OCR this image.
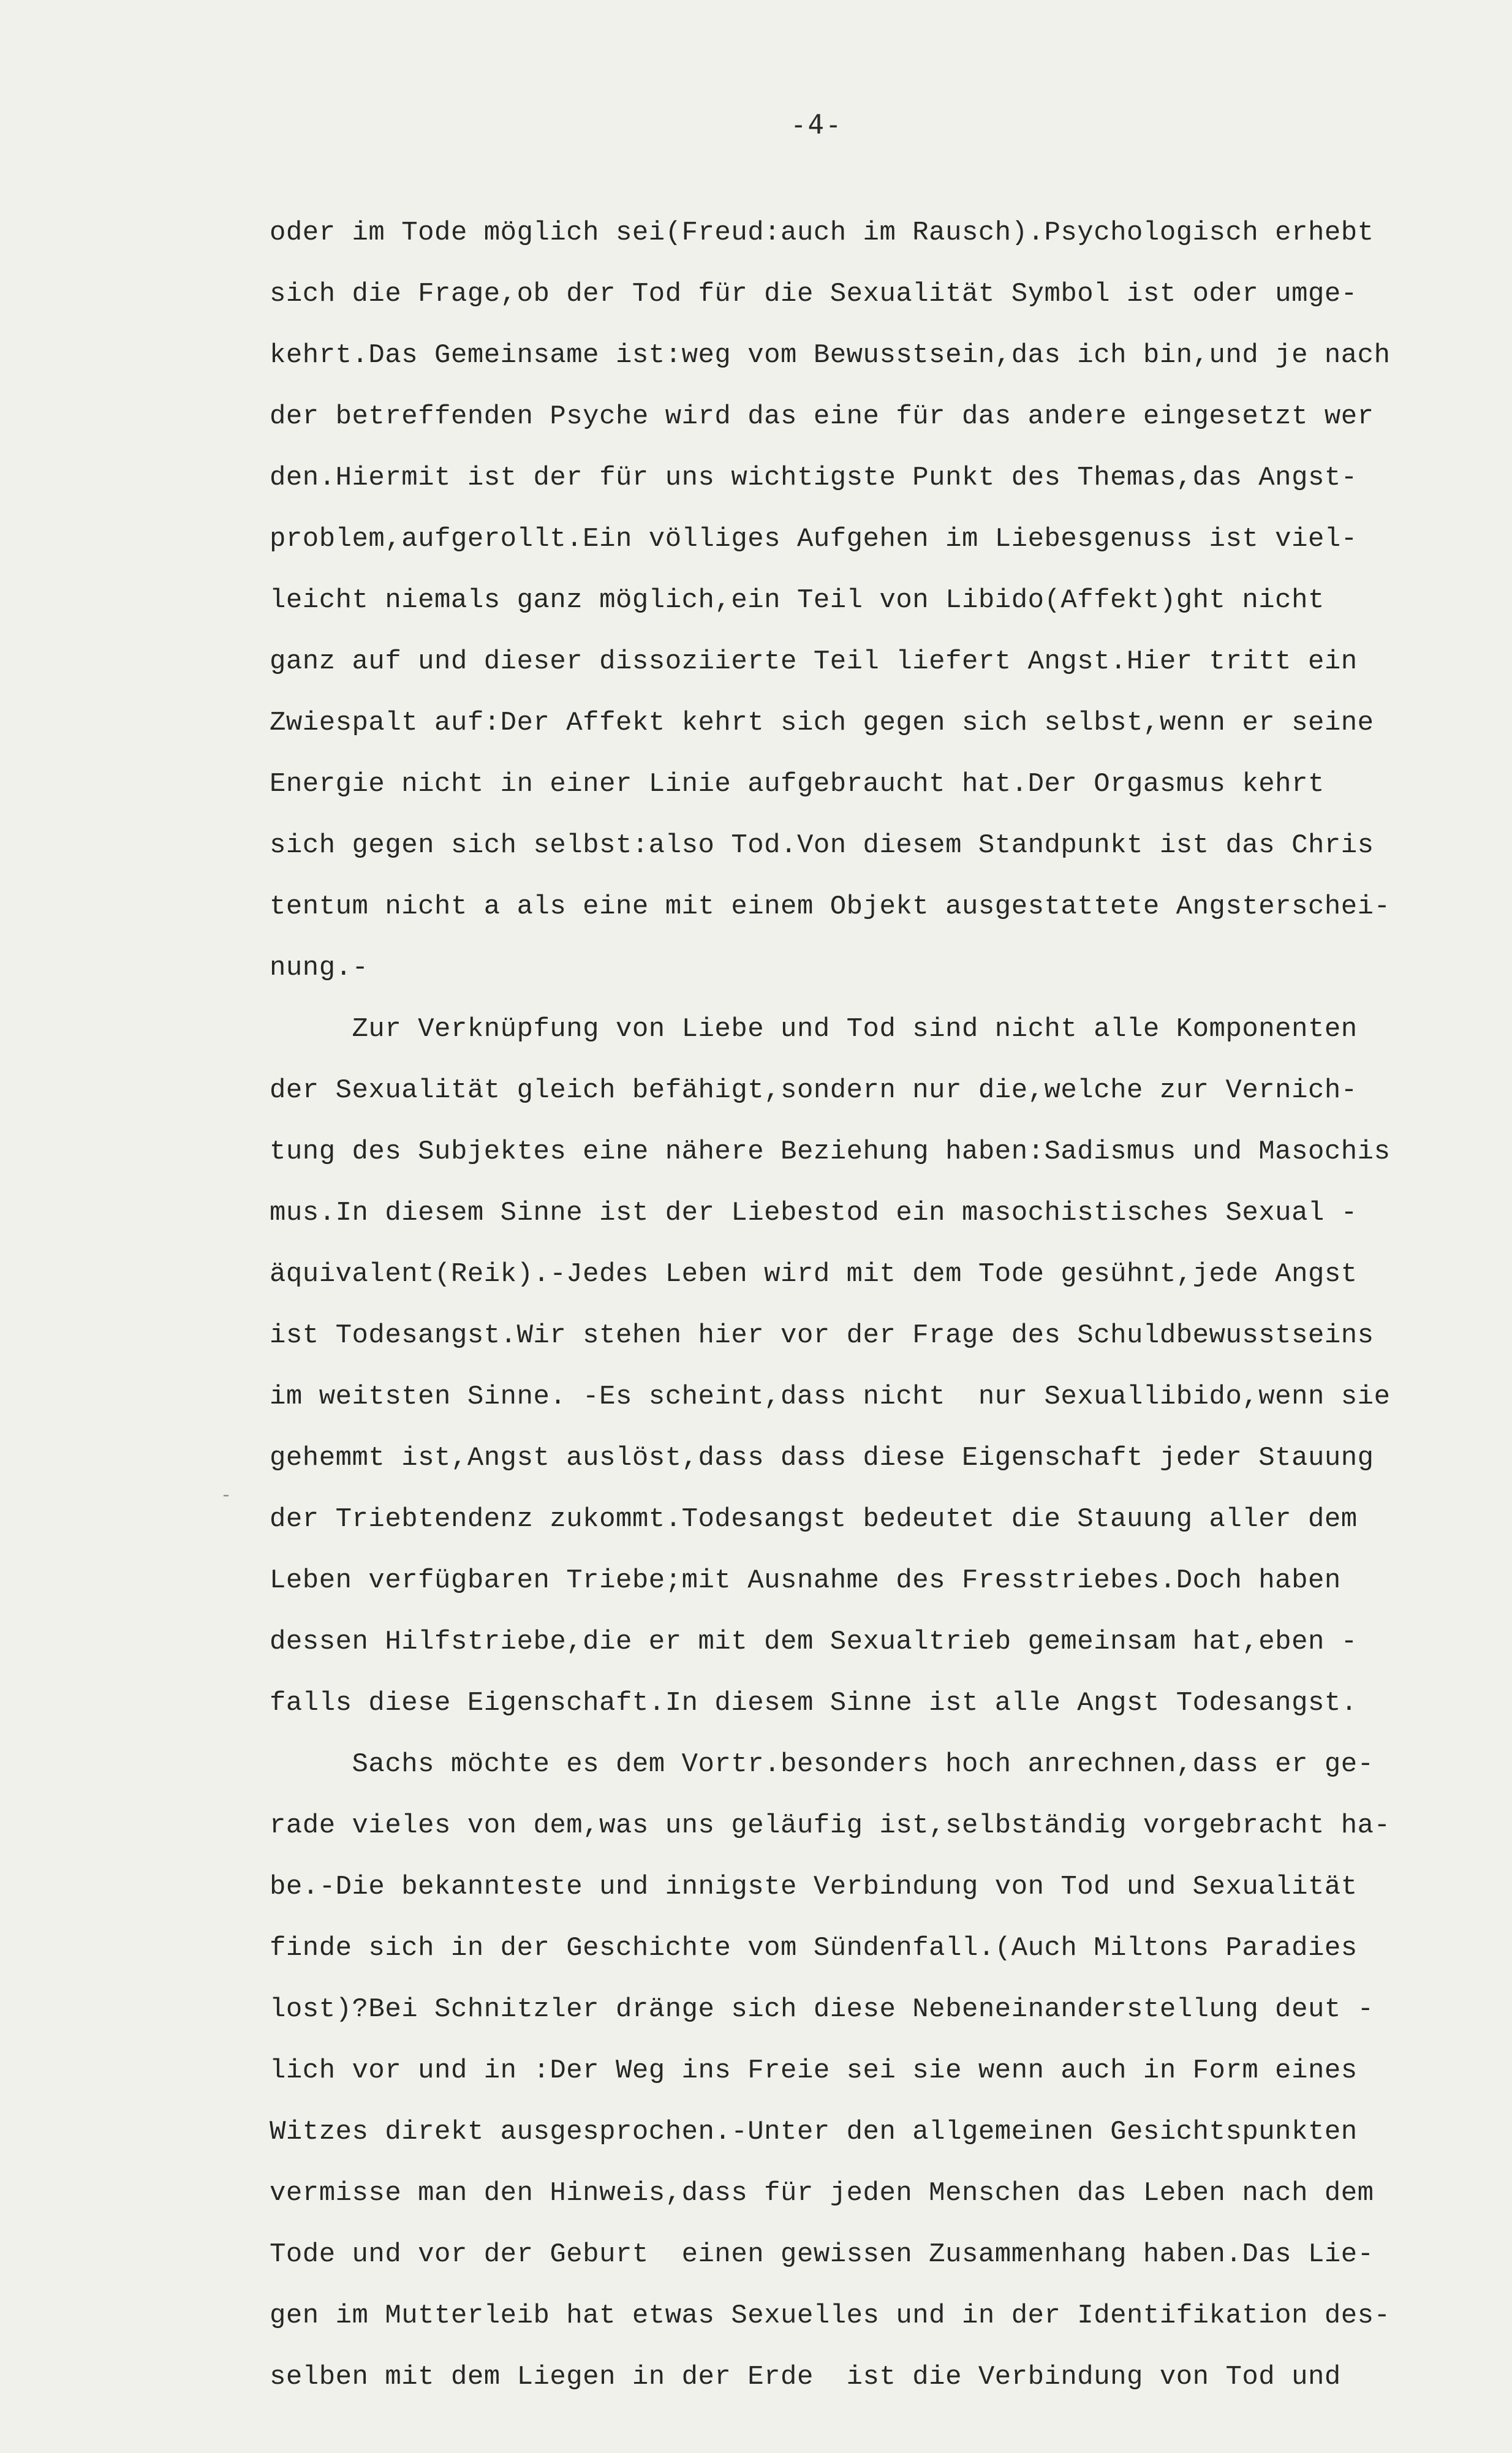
-4-
-
oder im Tode möglich sei(Freud:auch im Rausch).Psychologisch erhebt
sich die Frage,ob der Tod für die Sexualität Symbol ist oder umge-
kehrt.Das Gemeinsame ist:weg vom Bewusstsein,das ich bin,und je nach
der betreffenden Psyche wird das eine für das andere eingesetzt wer
den.Hiermit ist der für uns wichtigste Punkt des Themas,das Angst-
problem,aufgerollt.Ein völliges Aufgehen im Liebesgenuss ist viel-
leicht niemals ganz möglich,ein Teil von Libido(Affekt)ght nicht
ganz auf und dieser dissoziierte Teil liefert Angst.Hier tritt ein
Zwiespalt auf:Der Affekt kehrt sich gegen sich selbst,wenn er seine
Energie nicht in einer Linie aufgebraucht hat.Der Orgasmus kehrt
sich gegen sich selbst:also Tod.Von diesem Standpunkt ist das Chris
tentum nicht a als eine mit einem Objekt ausgestattete Angsterschei-
nung.-
Zur Verknüpfung von Liebe und Tod sind nicht alle Komponenten
der Sexualität gleich befähigt,sondern nur die,welche zur Vernich-
tung des Subjektes eine nähere Beziehung haben:Sadismus und Masochis
mus.In diesem Sinne ist der Liebestod ein masochistisches Sexual -
äquivalent(Reik).-Jedes Leben wird mit dem Tode gesühnt,jede Angst
ist Todesangst.Wir stehen hier vor der Frage des Schuldbewusstseins
im weitsten Sinne. -Es scheint,dass nicht  nur Sexuallibido,wenn sie
gehemmt ist,Angst auslöst,dass dass diese Eigenschaft jeder Stauung
der Triebtendenz zukommt.Todesangst bedeutet die Stauung aller dem
Leben verfügbaren Triebe;mit Ausnahme des Fresstriebes.Doch haben
dessen Hilfstriebe,die er mit dem Sexualtrieb gemeinsam hat,eben -
falls diese Eigenschaft.In diesem Sinne ist alle Angst Todesangst.
Sachs möchte es dem Vortr.besonders hoch anrechnen,dass er ge-
rade vieles von dem,was uns geläufig ist,selbständig vorgebracht ha-
be.-Die bekannteste und innigste Verbindung von Tod und Sexualität
finde sich in der Geschichte vom Sündenfall.(Auch Miltons Paradies
lost)?Bei Schnitzler dränge sich diese Nebeneinanderstellung deut -
lich vor und in :Der Weg ins Freie sei sie wenn auch in Form eines
Witzes direkt ausgesprochen.-Unter den allgemeinen Gesichtspunkten
vermisse man den Hinweis,dass für jeden Menschen das Leben nach dem
Tode und vor der Geburt  einen gewissen Zusammenhang haben.Das Lie-
gen im Mutterleib hat etwas Sexuelles und in der Identifikation des-
selben mit dem Liegen in der Erde  ist die Verbindung von Tod und
